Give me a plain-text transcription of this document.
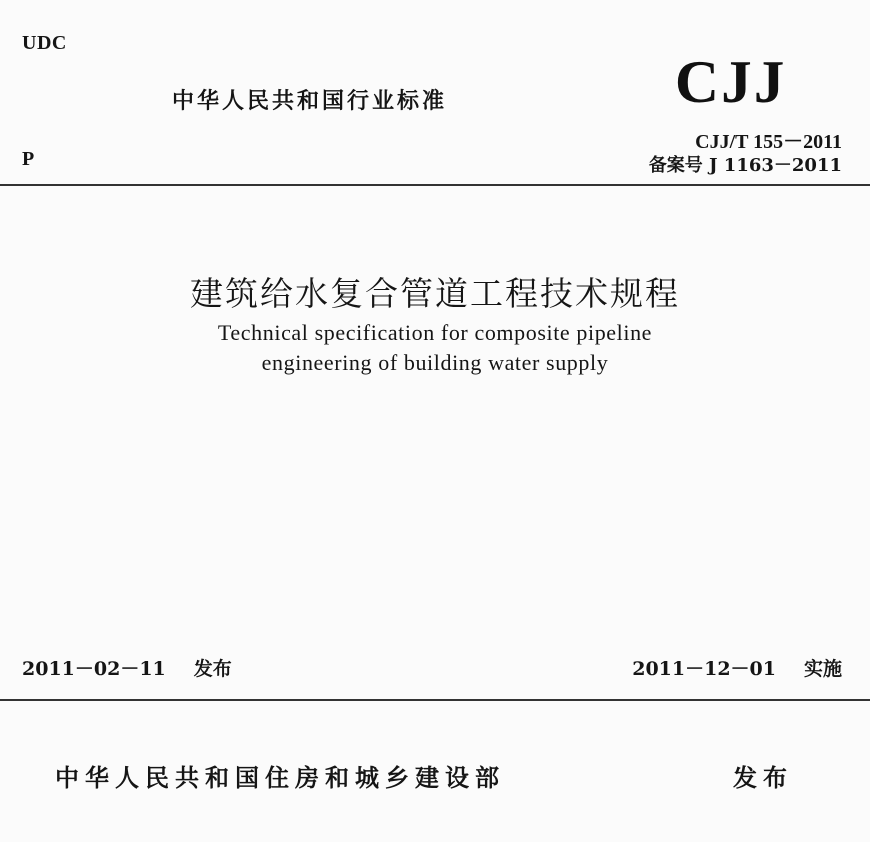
UDC
中华人民共和国行业标准	CJJ
P
CJJ/T 155－2011
备案号 J 1163－2011
建筑给水复合管道工程技术规程
Technical specification for composite pipeline
engineering of building water supply
2011－02－11 发布	2011－12－01 实施
中华人民共和国住房和城乡建设部	发布
